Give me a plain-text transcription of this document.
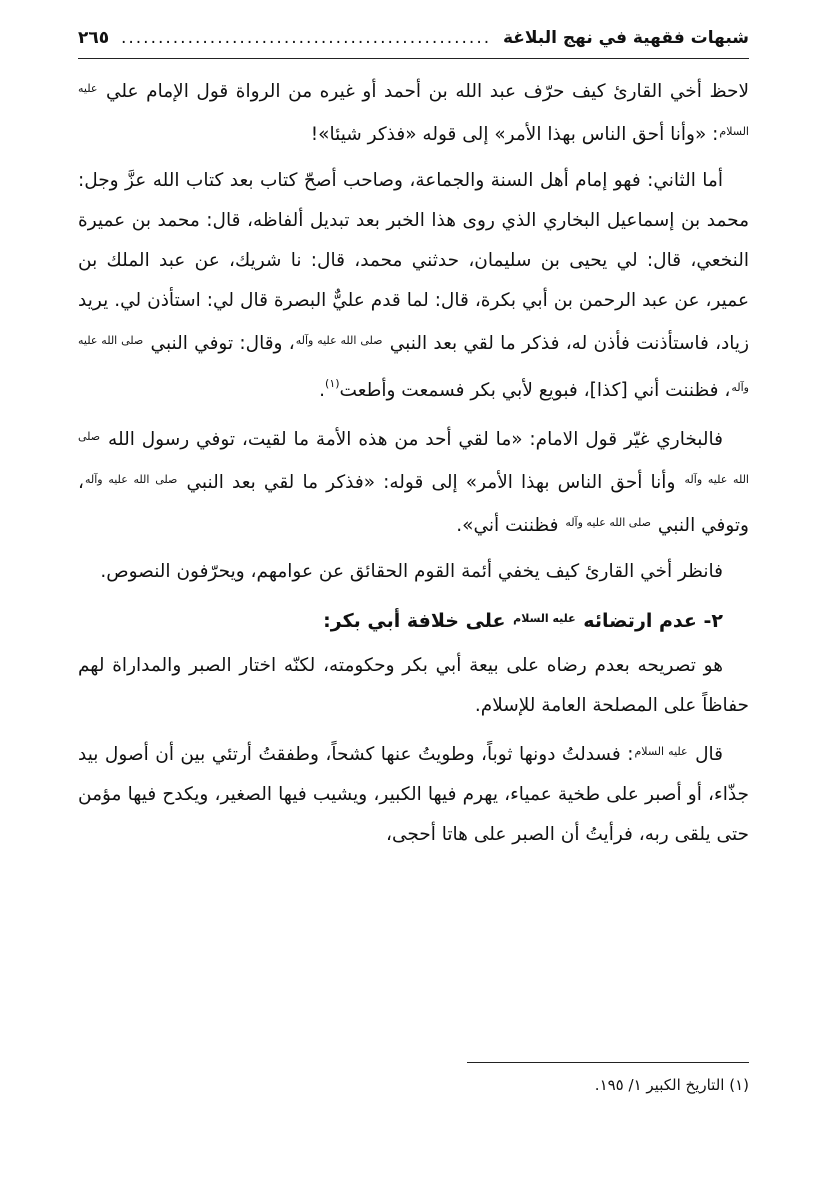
شبهات فقهية في نهج البلاغة
..................................................
٢٦٥

لاحظ أخي القارئ كيف حرّف عبد الله بن أحمد أو غيره من الرواة قول الإمام علي $^{عليه السلام}$: «وأنا أحق الناس بهذا الأمر» إلى قوله «فذكر شيئا»!

أما الثاني: فهو إمام أهل السنة والجماعة، وصاحب أصحّ كتاب بعد كتاب الله عزَّ وجل: محمد بن إسماعيل البخاري الذي روى هذا الخبر بعد تبديل ألفاظه، قال: محمد بن عميرة النخعي، قال: لي يحيى بن سليمان، حدثني محمد، قال: نا شريك، عن عبد الملك بن عمير، عن عبد الرحمن بن أبي بكرة، قال: لما قدم عليٌّ البصرة قال لي: استأذن لي. يريد زياد، فاستأذنت فأذن له، فذكر ما لقي بعد النبي $^{صلى الله عليه وآله}$، وقال: توفي النبي $^{صلى الله عليه وآله}$، فظننت أني [كذا]، فبويع لأبي بكر فسمعت وأطعت$^{(١)}$.

فالبخاري غيّر قول الامام: «ما لقي أحد من هذه الأمة ما لقيت، توفي رسول الله $^{صلى الله عليه وآله}$ وأنا أحق الناس بهذا الأمر» إلى قوله: «فذكر ما لقي بعد النبي $^{صلى الله عليه وآله}$، وتوفي النبي $^{صلى الله عليه وآله}$ فظننت أني».

فانظر أخي القارئ كيف يخفي أئمة القوم الحقائق عن عوامهم، ويحرّفون النصوص.

٢- عدم ارتضائه $^{عليه السلام}$ على خلافة أبي بكر:

هو تصريحه بعدم رضاه على بيعة أبي بكر وحكومته، لكنّه اختار الصبر والمداراة لهم حفاظاً على المصلحة العامة للإسلام.

قال $^{عليه السلام}$: فسدلتُ دونها ثوباً، وطويتُ عنها كشحاً، وطفقتُ أرتئي بين أن أصول بيد جذّاء، أو أصبر على طخية عمياء، يهرم فيها الكبير، ويشيب فيها الصغير، ويكدح فيها مؤمن حتى يلقى ربه، فرأيتُ أن الصبر على هاتا أحجى،

(١) التاريخ الكبير ١/ ١٩٥.
